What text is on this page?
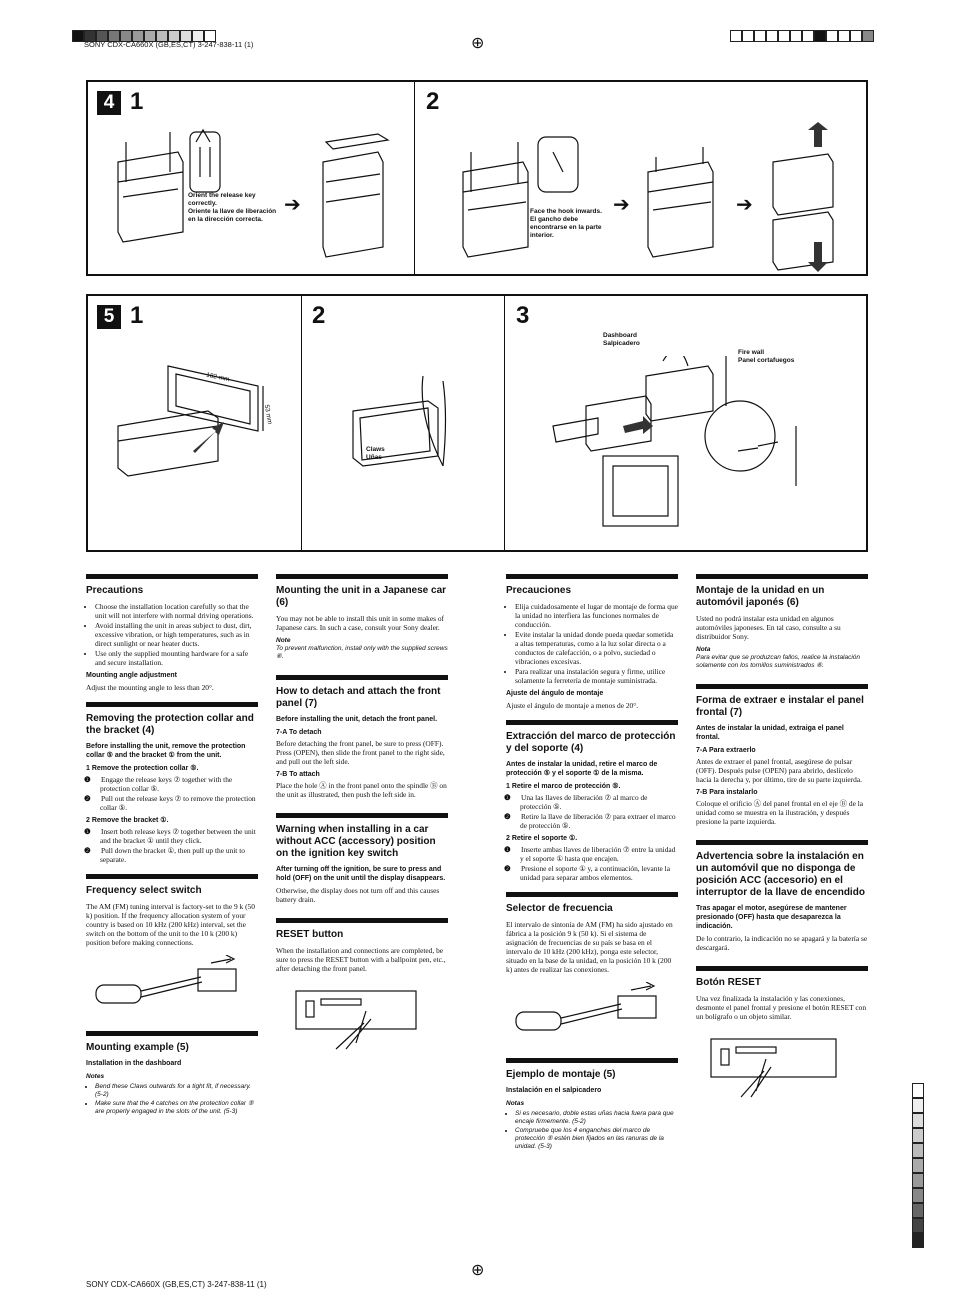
SONY CDX-CA660X (GB,ES,CT) 3-247-838-11 (1)	⊕
4 1	2
Orient the release key correctly.
Oriente la llave de liberación en la dirección correcta.
➔	Face the hook inwards.
El gancho debe encontrarse en la parte interior.
➔	➔
5 1	2	3
182 mm
53 mm
Claws
Uñas
Dashboard
Salpicadero
Fire wall
Panel cortafuegos
Precautions
• Choose the installation location carefully so that the unit will not interfere with normal driving operations.
• Avoid installing the unit in areas subject to dust, dirt, excessive vibration, or high temperatures, such as in direct sunlight or near heater ducts.
• Use only the supplied mounting hardware for a safe and secure installation.
Mounting angle adjustment

Adjust the mounting angle to less than 20°.

Removing the protection collar and the bracket (4)
Before installing the unit, remove the protection collar ⑤ and the bracket ① from the unit.
1 Remove the protection collar ⑤.
❶ Engage the release keys ⑦ together with the protection collar ⑤.
❷ Pull out the release keys ⑦ to remove the protection collar ⑤.
2 Remove the bracket ①.
❶ Insert both release keys ⑦ together between the unit and the bracket ① until they click.
❷ Pull down the bracket ①, then pull up the unit to separate.
Frequency select switch

The AM (FM) tuning interval is factory-set to the 9 k (50 k) position. If the frequency allocation system of your country is based on 10 kHz (200 kHz) interval, set the switch on the bottom of the unit to the 10 k (200 k) position before making connections.

Mounting example (5)
Installation in the dashboard
Notes
• Bend these Claws outwards for a tight fit, if necessary. (5-2)
• Make sure that the 4 catches on the protection collar ⑤ are properly engaged in the slots of the unit. (5-3)
Mounting the unit in a Japanese car (6)

You may not be able to install this unit in some makes of Japanese cars. In such a case, consult your Sony dealer.

Note
To prevent malfunction, install only with the supplied screws ⑥.
How to detach and attach the front panel (7)
Before installing the unit, detach the front panel.
7-A To detach

Before detaching the front panel, be sure to press (OFF). Press (OPEN), then slide the front panel to the right side, and pull out the left side.

7-B To attach

Place the hole Ⓐ in the front panel onto the spindle Ⓑ on the unit as illustrated, then push the left side in.

Warning when installing in a car without ACC (accessory) position on the ignition key switch
After turning off the ignition, be sure to press and hold (OFF) on the unit until the display disappears.

Otherwise, the display does not turn off and this causes battery drain.

RESET button

When the installation and connections are completed, be sure to press the RESET button with a ballpoint pen, etc., after detaching the front panel.

Precauciones
• Elija cuidadosamente el lugar de montaje de forma que la unidad no interfiera las funciones normales de conducción.
• Evite instalar la unidad donde pueda quedar sometida a altas temperaturas, como a la luz solar directa o a conductos de calefacción, o a polvo, suciedad o vibraciones excesivas.
• Para realizar una instalación segura y firme, utilice solamente la ferretería de montaje suministrada.
Ajuste del ángulo de montaje

Ajuste el ángulo de montaje a menos de 20°.

Extracción del marco de protección y del soporte (4)
Antes de instalar la unidad, retire el marco de protección ⑤ y el soporte ① de la misma.
1 Retire el marco de protección ⑤.
❶ Una las llaves de liberación ⑦ al marco de protección ⑤.
❷ Retire la llave de liberación ⑦ para extraer el marco de protección ⑤.
2 Retire el soporte ①.
❶ Inserte ambas llaves de liberación ⑦ entre la unidad y el soporte ① hasta que encajen.
❷ Presione el soporte ① y, a continuación, levante la unidad para separar ambos elementos.
Selector de frecuencia

El intervalo de sintonía de AM (FM) ha sido ajustado en fábrica a la posición 9 k (50 k). Si el sistema de asignación de frecuencias de su país se basa en el intervalo de 10 kHz (200 kHz), ponga este selector, situado en la base de la unidad, en la posición 10 k (200 k) antes de realizar las conexiones.

Ejemplo de montaje (5)
Instalación en el salpicadero
Notas
• Si es necesario, doble estas uñas hacia fuera para que encaje firmemente. (5-2)
• Compruebe que los 4 enganches del marco de protección ⑤ estén bien fijados en las ranuras de la unidad. (5-3)
Montaje de la unidad en un automóvil japonés (6)

Usted no podrá instalar esta unidad en algunos automóviles japoneses. En tal caso, consulte a su distribuidor Sony.

Nota
Para evitar que se produzcan fallos, realice la instalación solamente con los tornillos suministrados ⑥.
Forma de extraer e instalar el panel frontal (7)
Antes de instalar la unidad, extraiga el panel frontal.
7-A Para extraerlo

Antes de extraer el panel frontal, asegúrese de pulsar (OFF). Después pulse (OPEN) para abrirlo, deslícelo hacia la derecha y, por último, tire de su parte izquierda.

7-B Para instalarlo

Coloque el orificio Ⓐ del panel frontal en el eje Ⓑ de la unidad como se muestra en la ilustración, y después presione la parte izquierda.

Advertencia sobre la instalación en un automóvil que no disponga de posición ACC (accesorio) en el interruptor de la llave de encendido
Tras apagar el motor, asegúrese de mantener presionado (OFF) hasta que desaparezca la indicación.

De lo contrario, la indicación no se apagará y la batería se descargará.

Botón RESET

Una vez finalizada la instalación y las conexiones, desmonte el panel frontal y presione el botón RESET con un bolígrafo o un objeto similar.

⊕
SONY CDX-CA660X (GB,ES,CT) 3-247-838-11 (1)
